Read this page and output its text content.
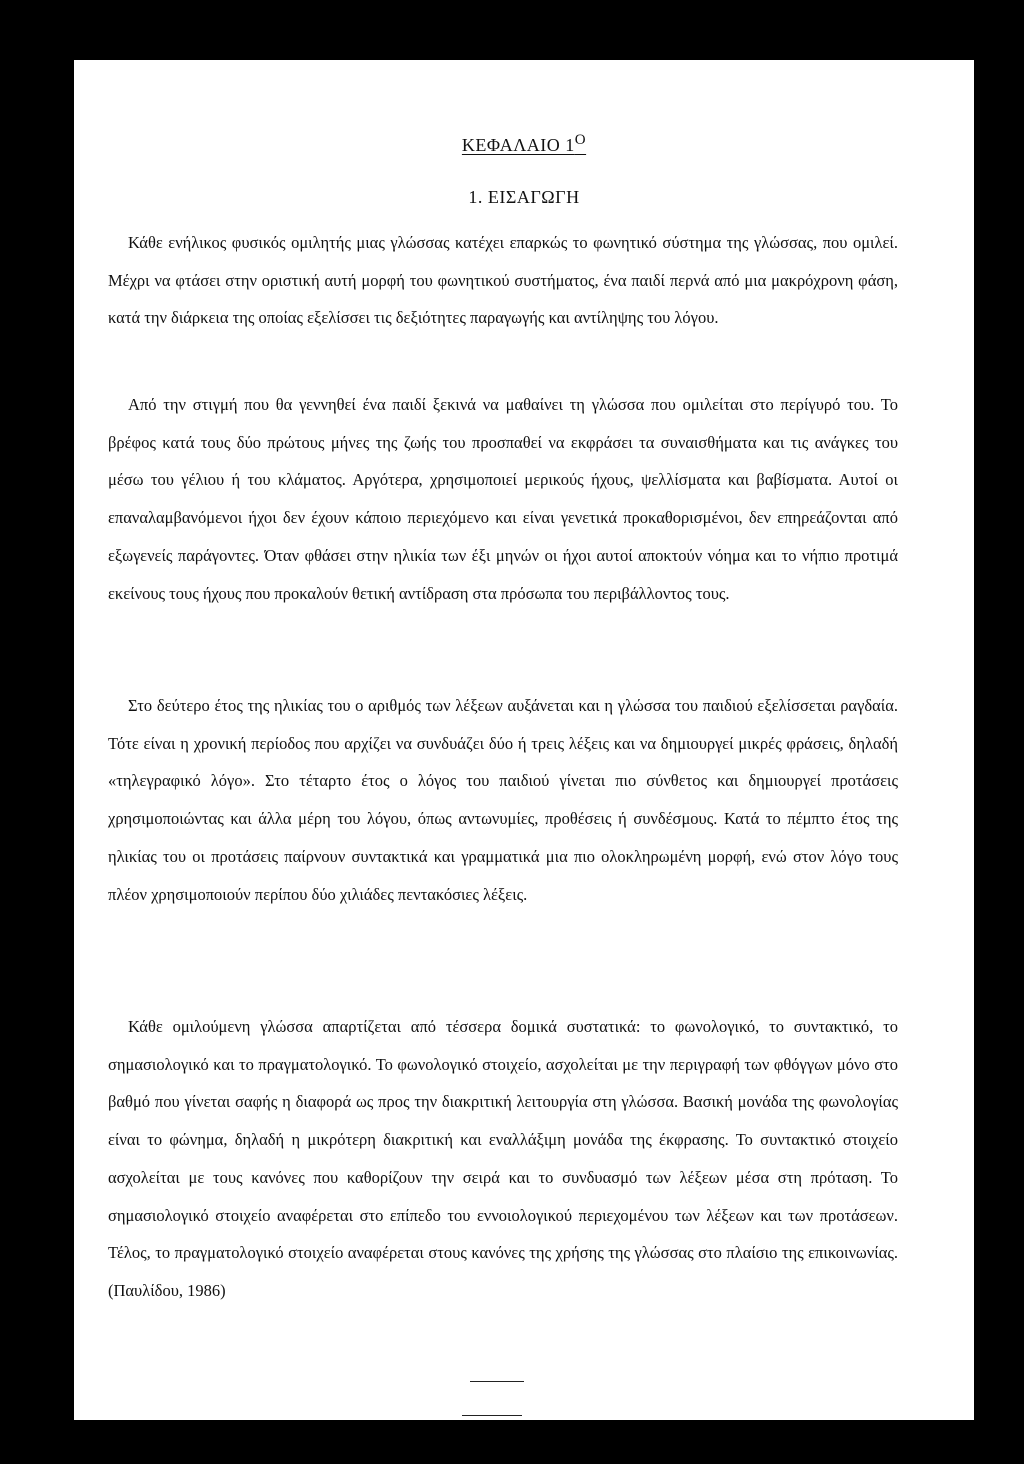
ΚΕΦΑΛΑΙΟ $1^O$
1. ΕΙΣΑΓΩΓΗ

Κάθε ενήλικος φυσικός ομιλητής μιας γλώσσας κατέχει επαρκώς το φωνητικό σύστημα της γλώσσας, που ομιλεί. Μέχρι να φτάσει στην οριστική αυτή μορφή του φωνητικού συστήματος, ένα παιδί περνά από μια μακρόχρονη φάση, κατά την διάρκεια της οποίας εξελίσσει τις δεξιότητες παραγωγής και αντίληψης του λόγου.

Από την στιγμή που θα γεννηθεί ένα παιδί ξεκινά να μαθαίνει τη γλώσσα που ομιλείται στο περίγυρό του. Το βρέφος κατά τους δύο πρώτους μήνες της ζωής του προσπαθεί να εκφράσει τα συναισθήματα και τις ανάγκες του μέσω του γέλιου ή του κλάματος. Αργότερα, χρησιμοποιεί μερικούς ήχους, ψελλίσματα και βαβίσματα. Αυτοί οι επαναλαμβανόμενοι ήχοι δεν έχουν κάποιο περιεχόμενο και είναι γενετικά προκαθορισμένοι, δεν επηρεάζονται από εξωγενείς παράγοντες. Όταν φθάσει στην ηλικία των έξι μηνών οι ήχοι αυτοί αποκτούν νόημα και το νήπιο προτιμά εκείνους τους ήχους που προκαλούν θετική αντίδραση στα πρόσωπα του περιβάλλοντος τους.

Στο δεύτερο έτος της ηλικίας του ο αριθμός των λέξεων αυξάνεται και η γλώσσα του παιδιού εξελίσσεται ραγδαία. Τότε είναι η χρονική περίοδος που αρχίζει να συνδυάζει δύο ή τρεις λέξεις και να δημιουργεί μικρές φράσεις, δηλαδή «τηλεγραφικό λόγο». Στο τέταρτο έτος ο λόγος του παιδιού γίνεται πιο σύνθετος και δημιουργεί προτάσεις χρησιμοποιώντας και άλλα μέρη του λόγου, όπως αντωνυμίες, προθέσεις ή συνδέσμους. Κατά το πέμπτο έτος της ηλικίας του οι προτάσεις παίρνουν συντακτικά και γραμματικά μια πιο ολοκληρωμένη μορφή, ενώ στον λόγο τους πλέον χρησιμοποιούν περίπου δύο χιλιάδες πεντακόσιες λέξεις.

Κάθε ομιλούμενη γλώσσα απαρτίζεται από τέσσερα δομικά συστατικά: το φωνολογικό, το συντακτικό, το σημασιολογικό και το πραγματολογικό. Το φωνολογικό στοιχείο, ασχολείται με την περιγραφή των φθόγγων μόνο στο βαθμό που γίνεται σαφής η διαφορά ως προς την διακριτική λειτουργία στη γλώσσα. Βασική μονάδα της φωνολογίας είναι το φώνημα, δηλαδή η μικρότερη διακριτική και εναλλάξιμη μονάδα της έκφρασης. Το συντακτικό στοιχείο ασχολείται με τους κανόνες που καθορίζουν την σειρά και το συνδυασμό των λέξεων μέσα στη πρόταση. Το σημασιολογικό στοιχείο αναφέρεται στο επίπεδο του εννοιολογικού περιεχομένου των λέξεων και των προτάσεων. Τέλος, το πραγματολογικό στοιχείο αναφέρεται στους κανόνες της χρήσης της γλώσσας στο πλαίσιο της επικοινωνίας. (Παυλίδου, 1986)
